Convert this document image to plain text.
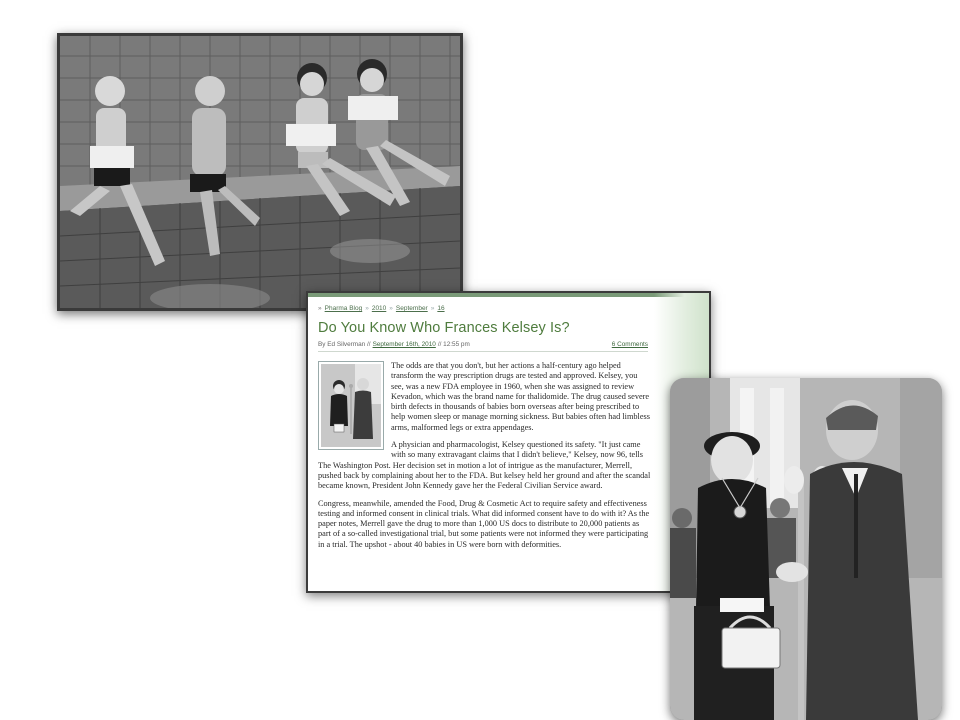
» Pharma Blog » 2010 » September » 16
Do You Know Who Frances Kelsey Is?
By Ed Silverman // September 16th, 2010 // 12:55 pm	6 Comments

The odds are that you don't, but her actions a half-century ago helped transform the way prescription drugs are tested and approved. Kelsey, you see, was a new FDA employee in 1960, when she was assigned to review Kevadon, which was the brand name for thalidomide. The drug caused severe birth defects in thousands of babies born overseas after being prescribed to help women sleep or manage morning sickness. But babies often had limbless arms, malformed legs or extra appendages.

A physician and pharmacologist, Kelsey questioned its safety. "It just came with so many extravagant claims that I didn't believe," Kelsey, now 96, tells The Washington Post. Her decision set in motion a lot of intrigue as the manufacturer, Merrell, pushed back by complaining about her to the FDA. But kelsey held her ground and after the scandal became known, President John Kennedy gave her the Federal Civilian Service award.

Congress, meanwhile, amended the Food, Drug & Cosmetic Act to require safety and effectiveness testing and informed consent in clinical trials. What did informed consent have to do with it? As the paper notes, Merrell gave the drug to more than 1,000 US docs to distribute to 20,000 patients as part of a so-called investigational trial, but some patients were not informed they were participating in a trial. The upshot - about 40 babies in US were born with deformities.
